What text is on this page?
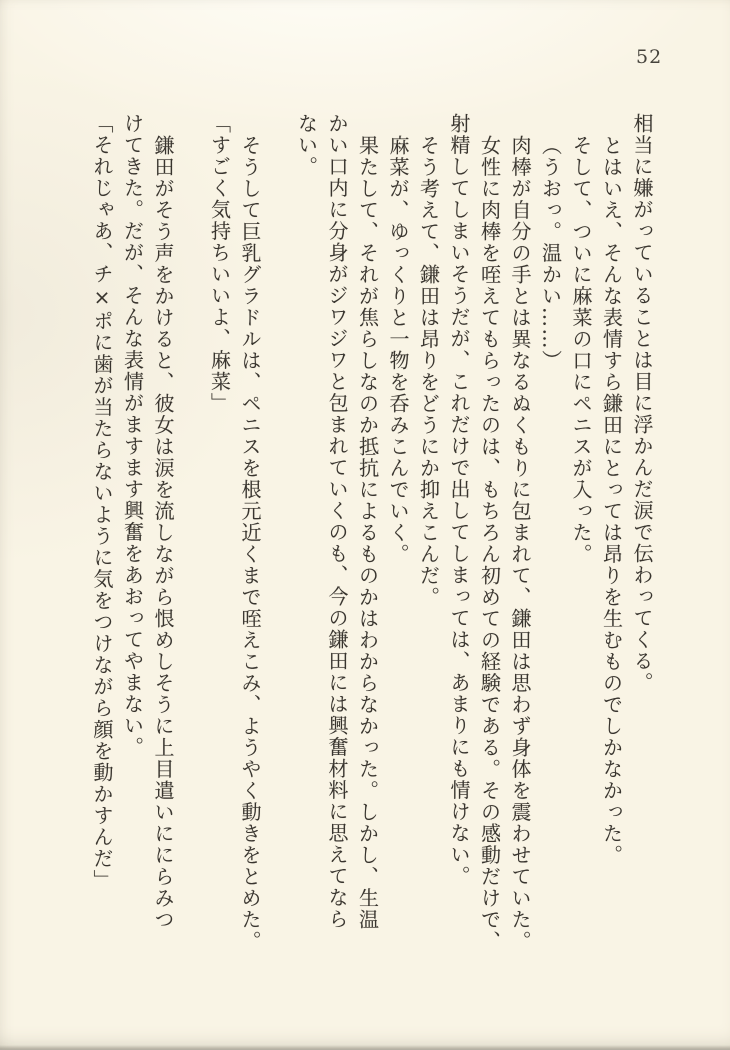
52

相当に嫌がっていることは目に浮かんだ涙で伝わってくる。

とはいえ、そんな表情すら鎌田にとっては昂りを生むものでしかなかった。

そして、ついに麻菜の口にペニスが入った。

（うおっ。温かい……）

肉棒が自分の手とは異なるぬくもりに包まれて、鎌田は思わず身体を震わせていた。

女性に肉棒を咥えてもらったのは、もちろん初めての経験である。その感動だけで、

射精してしまいそうだが、これだけで出してしまっては、あまりにも情けない。

そう考えて、鎌田は昂りをどうにか抑えこんだ。

麻菜が、ゆっくりと一物を呑みこんでいく。

果たして、それが焦らしなのか抵抗によるものかはわからなかった。しかし、生温

かい口内に分身がジワジワと包まれていくのも、今の鎌田には興奮材料に思えてなら

ない。

そうして巨乳グラドルは、ペニスを根元近くまで咥えこみ、ようやく動きをとめた。

「すごく気持ちいいよ、麻菜」

鎌田がそう声をかけると、彼女は涙を流しながら恨めしそうに上目遣いににらみつ

けてきた。だが、そんな表情がますます興奮をあおってやまない。

「それじゃあ、チ×ポに歯が当たらないように気をつけながら顔を動かすんだ」
